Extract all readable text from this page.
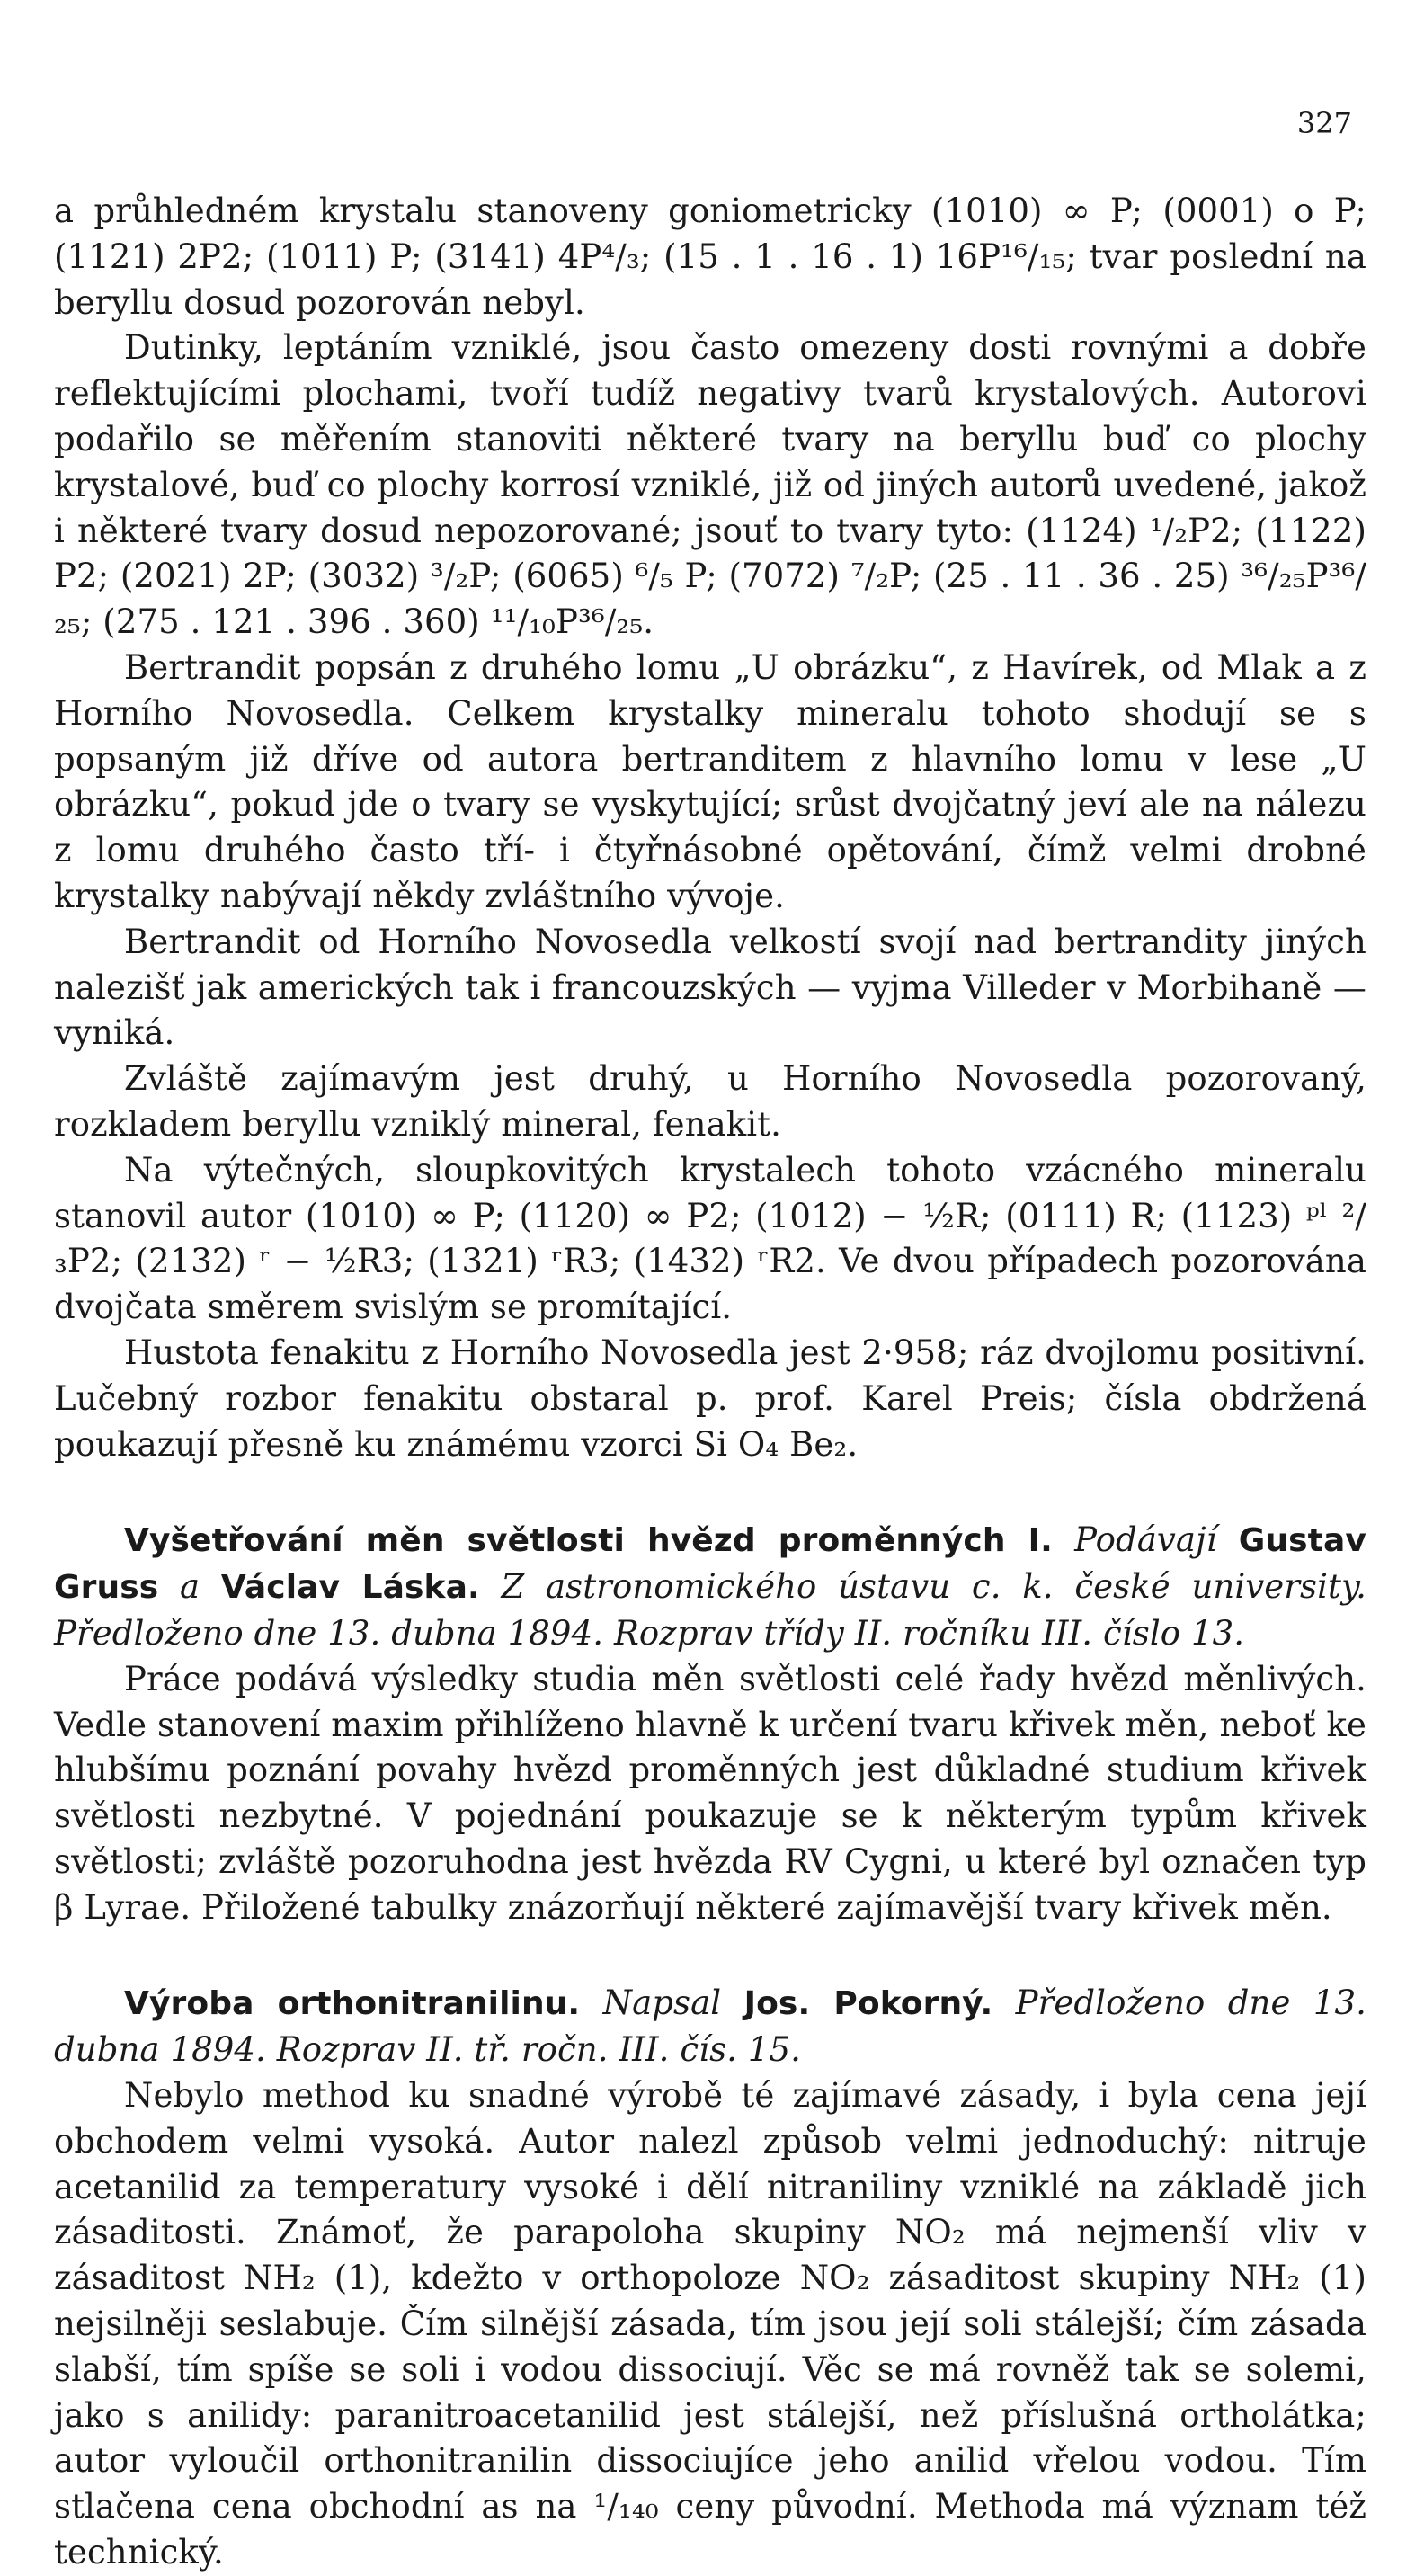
327

a průhledném krystalu stanoveny goniometricky (1010) ∞ P; (0001) o P; (1121) 2P2; (1011) P; (3141) 4P⁴/₃; (15 . 1 . 16 . 1) 16P¹⁶/₁₅; tvar poslední na beryllu dosud pozorován nebyl.

Dutinky, leptáním vzniklé, jsou často omezeny dosti rovnými a dobře reflektujícími plochami, tvoří tudíž negativy tvarů krystalových. Autorovi podařilo se měřením stanoviti některé tvary na beryllu buď co plochy krystalové, buď co plochy korrosí vzniklé, již od jiných autorů uvedené, jakož i některé tvary dosud nepozorované; jsouť to tvary tyto: (1124) ¹/₂P2; (1122) P2; (2021) 2P; (3032) ³/₂P; (6065) ⁶/₅ P; (7072) ⁷/₂P; (25 . 11 . 36 . 25) ³⁶/₂₅P³⁶/₂₅; (275 . 121 . 396 . 360) ¹¹/₁₀P³⁶/₂₅.

Bertrandit popsán z druhého lomu „U obrázku“, z Havírek, od Mlak a z Horního Novosedla. Celkem krystalky mineralu tohoto shodují se s popsaným již dříve od autora bertranditem z hlavního lomu v lese „U obrázku“, pokud jde o tvary se vyskytující; srůst dvojčatný jeví ale na nálezu z lomu druhého často tří- i čtyřnásobné opětování, čímž velmi drobné krystalky nabývají někdy zvláštního vývoje.

Bertrandit od Horního Novosedla velkostí svojí nad bertrandity jiných nalezišť jak amerických tak i francouzských — vyjma Villeder v Morbihaně — vyniká.

Zvláště zajímavým jest druhý, u Horního Novosedla pozorovaný, rozkladem beryllu vzniklý mineral, fenakit.

Na výtečných, sloupkovitých krystalech tohoto vzácného mineralu stanovil autor (1010) ∞ P; (1120) ∞ P2; (1012) − ½R; (0111) R; (1123) ᵖˡ ²/₃P2; (2132) ʳ − ½R3; (1321) ʳR3; (1432) ʳR2. Ve dvou případech pozorována dvojčata směrem svislým se promítající.

Hustota fenakitu z Horního Novosedla jest 2·958; ráz dvojlomu positivní. Lučebný rozbor fenakitu obstaral p. prof. Karel Preis; čísla obdržená poukazují přesně ku známému vzorci Si O₄ Be₂.

Vyšetřování měn světlosti hvězd proměnných I. Podávají Gustav Gruss a Václav Láska. Z astronomického ústavu c. k. české university. Předloženo dne 13. dubna 1894. Rozprav třídy II. ročníku III. číslo 13.

Práce podává výsledky studia měn světlosti celé řady hvězd měnlivých. Vedle stanovení maxim přihlíženo hlavně k určení tvaru křivek měn, neboť ke hlubšímu poznání povahy hvězd proměnných jest důkladné studium křivek světlosti nezbytné. V pojednání poukazuje se k některým typům křivek světlosti; zvláště pozoruhodna jest hvězda RV Cygni, u které byl označen typ β Lyrae. Přiložené tabulky znázorňují některé zajímavější tvary křivek měn.

Výroba orthonitranilinu. Napsal Jos. Pokorný. Předloženo dne 13. dubna 1894. Rozprav II. tř. ročn. III. čís. 15.

Nebylo method ku snadné výrobě té zajímavé zásady, i byla cena její obchodem velmi vysoká. Autor nalezl způsob velmi jednoduchý: nitruje acetanilid za temperatury vysoké i dělí nitraniliny vzniklé na základě jich zásaditosti. Známoť, že parapoloha skupiny NO₂ má nejmenší vliv v zásaditost NH₂ (1), kdežto v orthopoloze NO₂ zásaditost skupiny NH₂ (1) nejsilněji seslabuje. Čím silnější zásada, tím jsou její soli stálejší; čím zásada slabší, tím spíše se soli i vodou dissociují. Věc se má rovněž tak se solemi, jako s anilidy: paranitroacetanilid jest stálejší, než příslušná ortholátka; autor vyloučil orthonitranilin dissociujíce jeho anilid vřelou vodou. Tím stlačena cena obchodní as na ¹/₁₄₀ ceny původní. Methoda má význam též technický.
